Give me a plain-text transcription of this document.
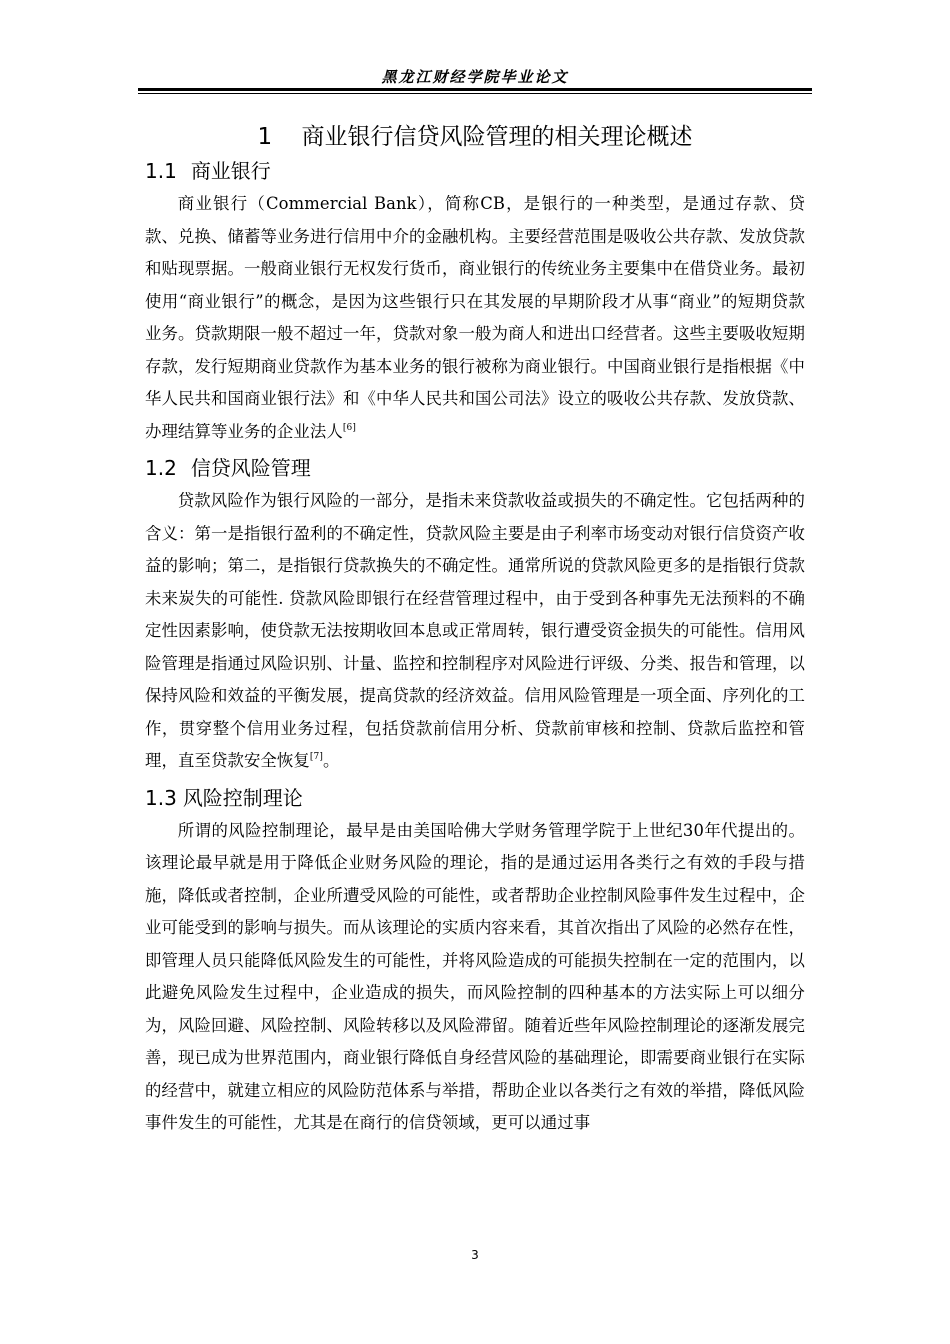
黑龙江财经学院毕业论文
1 商业银行信贷风险管理的相关理论概述
1.1 商业银行

商业银行（Commercial Bank），简称CB，是银行的一种类型，是通过存款、贷款、兑换、储蓄等业务进行信用中介的金融机构。主要经营范围是吸收公共存款、发放贷款和贴现票据。一般商业银行无权发行货币，商业银行的传统业务主要集中在借贷业务。最初使用“商业银行”的概念，是因为这些银行只在其发展的早期阶段才从事“商业”的短期贷款业务。贷款期限一般不超过一年，贷款对象一般为商人和进出口经营者。这些主要吸收短期存款，发行短期商业贷款作为基本业务的银行被称为商业银行。中国商业银行是指根据《中华人民共和国商业银行法》和《中华人民共和国公司法》设立的吸收公共存款、发放贷款、办理结算等业务的企业法人[6]

1.2 信贷风险管理

贷款风险作为银行风险的一部分，是指未来贷款收益或损失的不确定性。它包括两种的含义：第一是指银行盈利的不确定性，贷款风险主要是由子利率市场变动对银行信贷资产收益的影响；第二，是指银行贷款换失的不确定性。通常所说的贷款风险更多的是指银行贷款未来炭失的可能性. 贷款风险即银行在经营管理过程中，由于受到各种事先无法预料的不确定性因素影响，使贷款无法按期收回本息或正常周转，银行遭受资金损失的可能性。信用风险管理是指通过风险识别、计量、监控和控制程序对风险进行评级、分类、报告和管理，以保持风险和效益的平衡发展，提高贷款的经济效益。信用风险管理是一项全面、序列化的工作，贯穿整个信用业务过程，包括贷款前信用分析、贷款前审核和控制、贷款后监控和管理，直至贷款安全恢复[7]。

1.3 风险控制理论

所谓的风险控制理论，最早是由美国哈佛大学财务管理学院于上世纪30年代提出的。该理论最早就是用于降低企业财务风险的理论，指的是通过运用各类行之有效的手段与措施，降低或者控制，企业所遭受风险的可能性，或者帮助企业控制风险事件发生过程中，企业可能受到的影响与损失。而从该理论的实质内容来看，其首次指出了风险的必然存在性，即管理人员只能降低风险发生的可能性，并将风险造成的可能损失控制在一定的范围内，以此避免风险发生过程中，企业造成的损失，而风险控制的四种基本的方法实际上可以细分为，风险回避、风险控制、风险转移以及风险滞留。随着近些年风险控制理论的逐渐发展完善，现已成为世界范围内，商业银行降低自身经营风险的基础理论，即需要商业银行在实际的经营中，就建立相应的风险防范体系与举措，帮助企业以各类行之有效的举措，降低风险事件发生的可能性，尤其是在商行的信贷领域，更可以通过事

3
